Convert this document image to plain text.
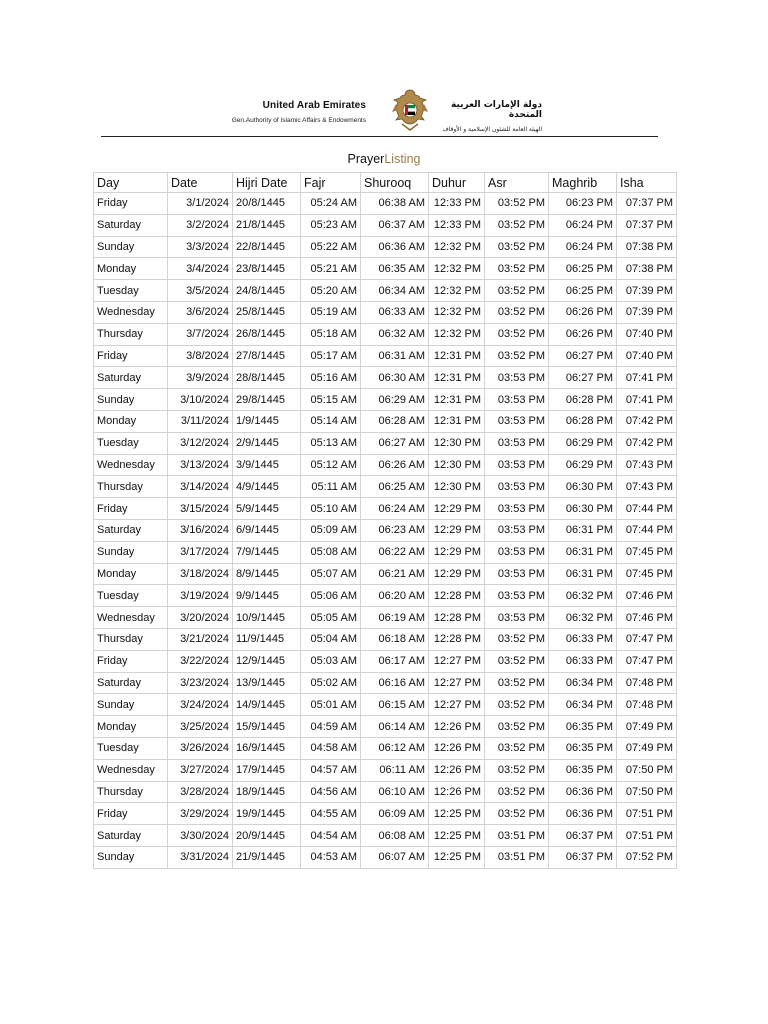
United Arab Emirates
Gen.Authority of Islamic Affairs & Endowments
دولة الإمارات العربية المتحدة
الهيئة العامة للشئون الإسلامية و الأوقاف
PrayerListing
Day	Date	Hijri Date	Fajr	Shurooq	Duhur	Asr	Maghrib	Isha
Friday	3/1/2024	20/8/1445	05:24 AM	06:38 AM	12:33 PM	03:52 PM	06:23 PM	07:37 PM
Saturday	3/2/2024	21/8/1445	05:23 AM	06:37 AM	12:33 PM	03:52 PM	06:24 PM	07:37 PM
Sunday	3/3/2024	22/8/1445	05:22 AM	06:36 AM	12:32 PM	03:52 PM	06:24 PM	07:38 PM
Monday	3/4/2024	23/8/1445	05:21 AM	06:35 AM	12:32 PM	03:52 PM	06:25 PM	07:38 PM
Tuesday	3/5/2024	24/8/1445	05:20 AM	06:34 AM	12:32 PM	03:52 PM	06:25 PM	07:39 PM
Wednesday	3/6/2024	25/8/1445	05:19 AM	06:33 AM	12:32 PM	03:52 PM	06:26 PM	07:39 PM
Thursday	3/7/2024	26/8/1445	05:18 AM	06:32 AM	12:32 PM	03:52 PM	06:26 PM	07:40 PM
Friday	3/8/2024	27/8/1445	05:17 AM	06:31 AM	12:31 PM	03:52 PM	06:27 PM	07:40 PM
Saturday	3/9/2024	28/8/1445	05:16 AM	06:30 AM	12:31 PM	03:53 PM	06:27 PM	07:41 PM
Sunday	3/10/2024	29/8/1445	05:15 AM	06:29 AM	12:31 PM	03:53 PM	06:28 PM	07:41 PM
Monday	3/11/2024	1/9/1445	05:14 AM	06:28 AM	12:31 PM	03:53 PM	06:28 PM	07:42 PM
Tuesday	3/12/2024	2/9/1445	05:13 AM	06:27 AM	12:30 PM	03:53 PM	06:29 PM	07:42 PM
Wednesday	3/13/2024	3/9/1445	05:12 AM	06:26 AM	12:30 PM	03:53 PM	06:29 PM	07:43 PM
Thursday	3/14/2024	4/9/1445	05:11 AM	06:25 AM	12:30 PM	03:53 PM	06:30 PM	07:43 PM
Friday	3/15/2024	5/9/1445	05:10 AM	06:24 AM	12:29 PM	03:53 PM	06:30 PM	07:44 PM
Saturday	3/16/2024	6/9/1445	05:09 AM	06:23 AM	12:29 PM	03:53 PM	06:31 PM	07:44 PM
Sunday	3/17/2024	7/9/1445	05:08 AM	06:22 AM	12:29 PM	03:53 PM	06:31 PM	07:45 PM
Monday	3/18/2024	8/9/1445	05:07 AM	06:21 AM	12:29 PM	03:53 PM	06:31 PM	07:45 PM
Tuesday	3/19/2024	9/9/1445	05:06 AM	06:20 AM	12:28 PM	03:53 PM	06:32 PM	07:46 PM
Wednesday	3/20/2024	10/9/1445	05:05 AM	06:19 AM	12:28 PM	03:53 PM	06:32 PM	07:46 PM
Thursday	3/21/2024	11/9/1445	05:04 AM	06:18 AM	12:28 PM	03:52 PM	06:33 PM	07:47 PM
Friday	3/22/2024	12/9/1445	05:03 AM	06:17 AM	12:27 PM	03:52 PM	06:33 PM	07:47 PM
Saturday	3/23/2024	13/9/1445	05:02 AM	06:16 AM	12:27 PM	03:52 PM	06:34 PM	07:48 PM
Sunday	3/24/2024	14/9/1445	05:01 AM	06:15 AM	12:27 PM	03:52 PM	06:34 PM	07:48 PM
Monday	3/25/2024	15/9/1445	04:59 AM	06:14 AM	12:26 PM	03:52 PM	06:35 PM	07:49 PM
Tuesday	3/26/2024	16/9/1445	04:58 AM	06:12 AM	12:26 PM	03:52 PM	06:35 PM	07:49 PM
Wednesday	3/27/2024	17/9/1445	04:57 AM	06:11 AM	12:26 PM	03:52 PM	06:35 PM	07:50 PM
Thursday	3/28/2024	18/9/1445	04:56 AM	06:10 AM	12:26 PM	03:52 PM	06:36 PM	07:50 PM
Friday	3/29/2024	19/9/1445	04:55 AM	06:09 AM	12:25 PM	03:52 PM	06:36 PM	07:51 PM
Saturday	3/30/2024	20/9/1445	04:54 AM	06:08 AM	12:25 PM	03:51 PM	06:37 PM	07:51 PM
Sunday	3/31/2024	21/9/1445	04:53 AM	06:07 AM	12:25 PM	03:51 PM	06:37 PM	07:52 PM
